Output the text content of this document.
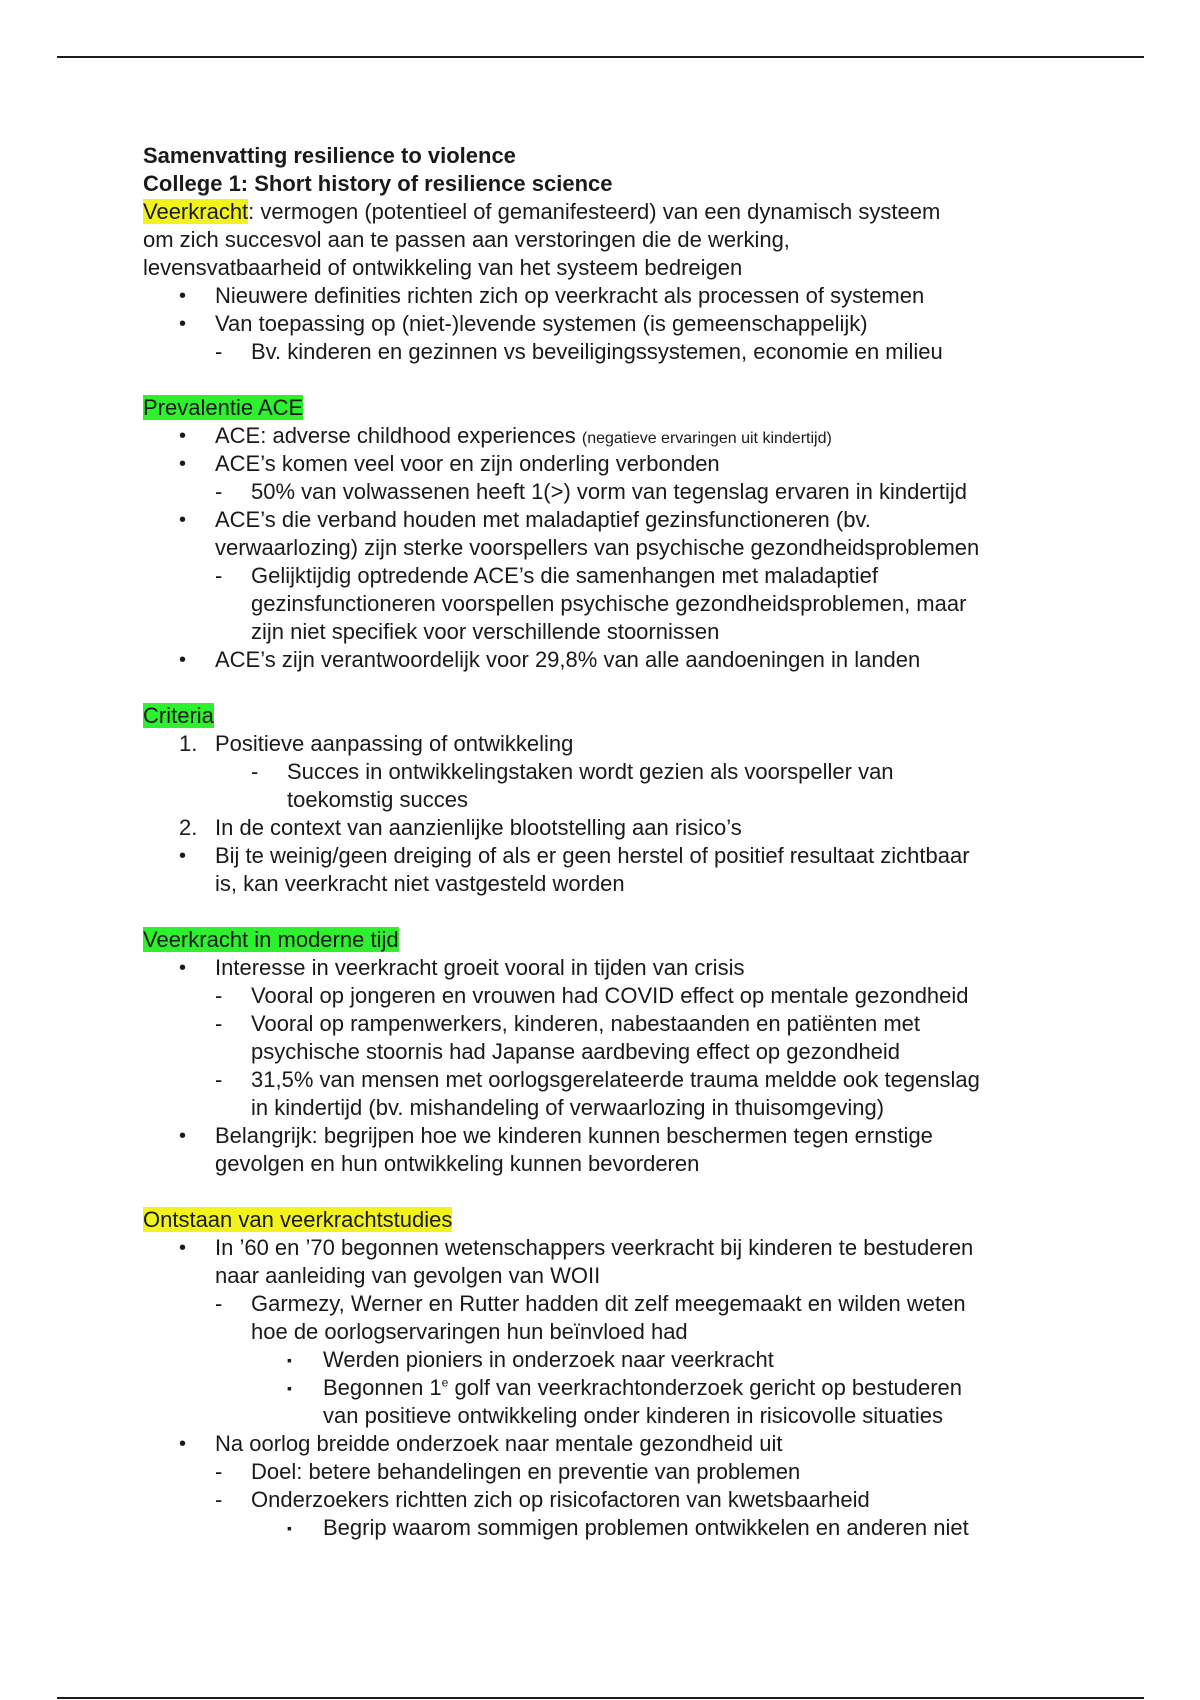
Samenvatting resilience to violence
College 1: Short history of resilience science
Veerkracht: vermogen (potentieel of gemanifesteerd) van een dynamisch systeem
om zich succesvol aan te passen aan verstoringen die de werking,
levensvatbaarheid of ontwikkeling van het systeem bedreigen
• Nieuwere definities richten zich op veerkracht als processen of systemen
• Van toepassing op (niet-)levende systemen (is gemeenschappelijk)
- Bv. kinderen en gezinnen vs beveiligingssystemen, economie en milieu
Prevalentie ACE
• ACE: adverse childhood experiences (negatieve ervaringen uit kindertijd)
• ACE’s komen veel voor en zijn onderling verbonden
- 50% van volwassenen heeft 1(>) vorm van tegenslag ervaren in kindertijd
• ACE’s die verband houden met maladaptief gezinsfunctioneren (bv.
verwaarlozing) zijn sterke voorspellers van psychische gezondheidsproblemen
- Gelijktijdig optredende ACE’s die samenhangen met maladaptief
gezinsfunctioneren voorspellen psychische gezondheidsproblemen, maar
zijn niet specifiek voor verschillende stoornissen
• ACE’s zijn verantwoordelijk voor 29,8% van alle aandoeningen in landen
Criteria
1. Positieve aanpassing of ontwikkeling
- Succes in ontwikkelingstaken wordt gezien als voorspeller van
toekomstig succes
2. In de context van aanzienlijke blootstelling aan risico’s
• Bij te weinig/geen dreiging of als er geen herstel of positief resultaat zichtbaar
is, kan veerkracht niet vastgesteld worden
Veerkracht in moderne tijd
• Interesse in veerkracht groeit vooral in tijden van crisis
- Vooral op jongeren en vrouwen had COVID effect op mentale gezondheid
- Vooral op rampenwerkers, kinderen, nabestaanden en patiënten met
psychische stoornis had Japanse aardbeving effect op gezondheid
- 31,5% van mensen met oorlogsgerelateerde trauma meldde ook tegenslag
in kindertijd (bv. mishandeling of verwaarlozing in thuisomgeving)
• Belangrijk: begrijpen hoe we kinderen kunnen beschermen tegen ernstige
gevolgen en hun ontwikkeling kunnen bevorderen
Ontstaan van veerkrachtstudies
• In ’60 en ’70 begonnen wetenschappers veerkracht bij kinderen te bestuderen
naar aanleiding van gevolgen van WOII
- Garmezy, Werner en Rutter hadden dit zelf meegemaakt en wilden weten
hoe de oorlogservaringen hun beïnvloed had
▪ Werden pioniers in onderzoek naar veerkracht
▪ Begonnen 1e golf van veerkrachtonderzoek gericht op bestuderen
van positieve ontwikkeling onder kinderen in risicovolle situaties
• Na oorlog breidde onderzoek naar mentale gezondheid uit
- Doel: betere behandelingen en preventie van problemen
- Onderzoekers richtten zich op risicofactoren van kwetsbaarheid
▪ Begrip waarom sommigen problemen ontwikkelen en anderen niet
